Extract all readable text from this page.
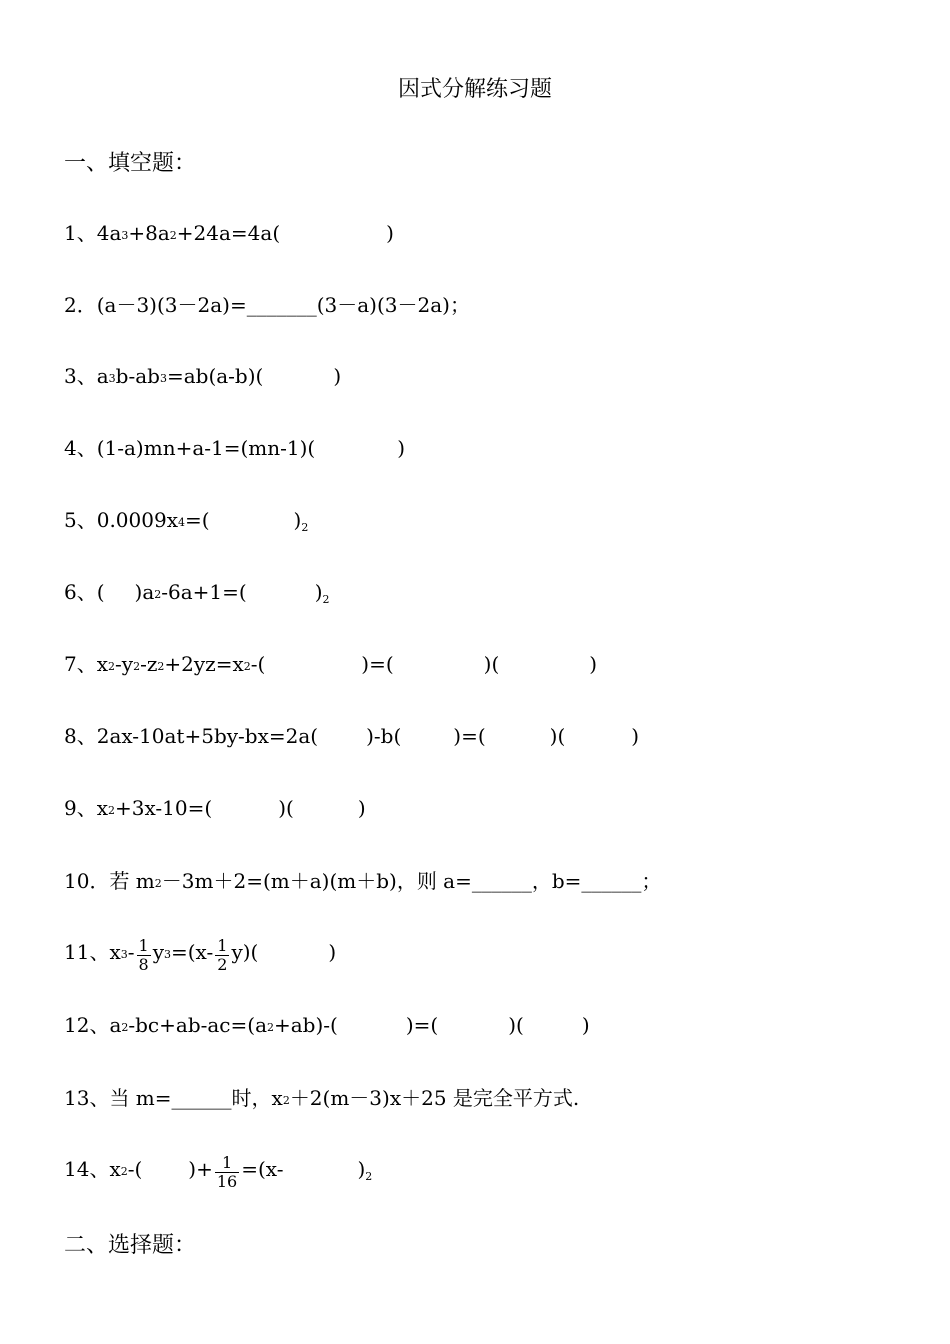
因式分解练习题
一、填空题：
1、4a3+8a2+24a=4a(	)
2．(a－3)(3－2a)=_______(3－a)(3－2a)；
3、a3b-ab3=ab(a-b)(	)
4、(1-a)mn+a-1=(mn-1)(	)
5、0.0009x4=(	)$_2$
6、( )a2-6a+1=(	)$_2$
7、x2-y2-z2+2yz=x2-(	)=(	)(	)
8、2ax-10at+5by-bx=2a( )-b(	)=(	)(	)
9、x2+3x-10=(	)(	)
10．若 m2－3m＋2=(m＋a)(m＋b)，则 a=______，b=______；
11、$x3- \frac{1}{8} y3=(x- \frac{1}{2} y)$(	)
12、a2-bc+ab-ac=(a2+ab)-(	)=(	)(	)
13、当 m=______时，x2＋2(m－3)x＋25 是完全平方式.
14、x2-( )+ $\frac{1}{16} =(x-$	)$_2$
二、选择题：
